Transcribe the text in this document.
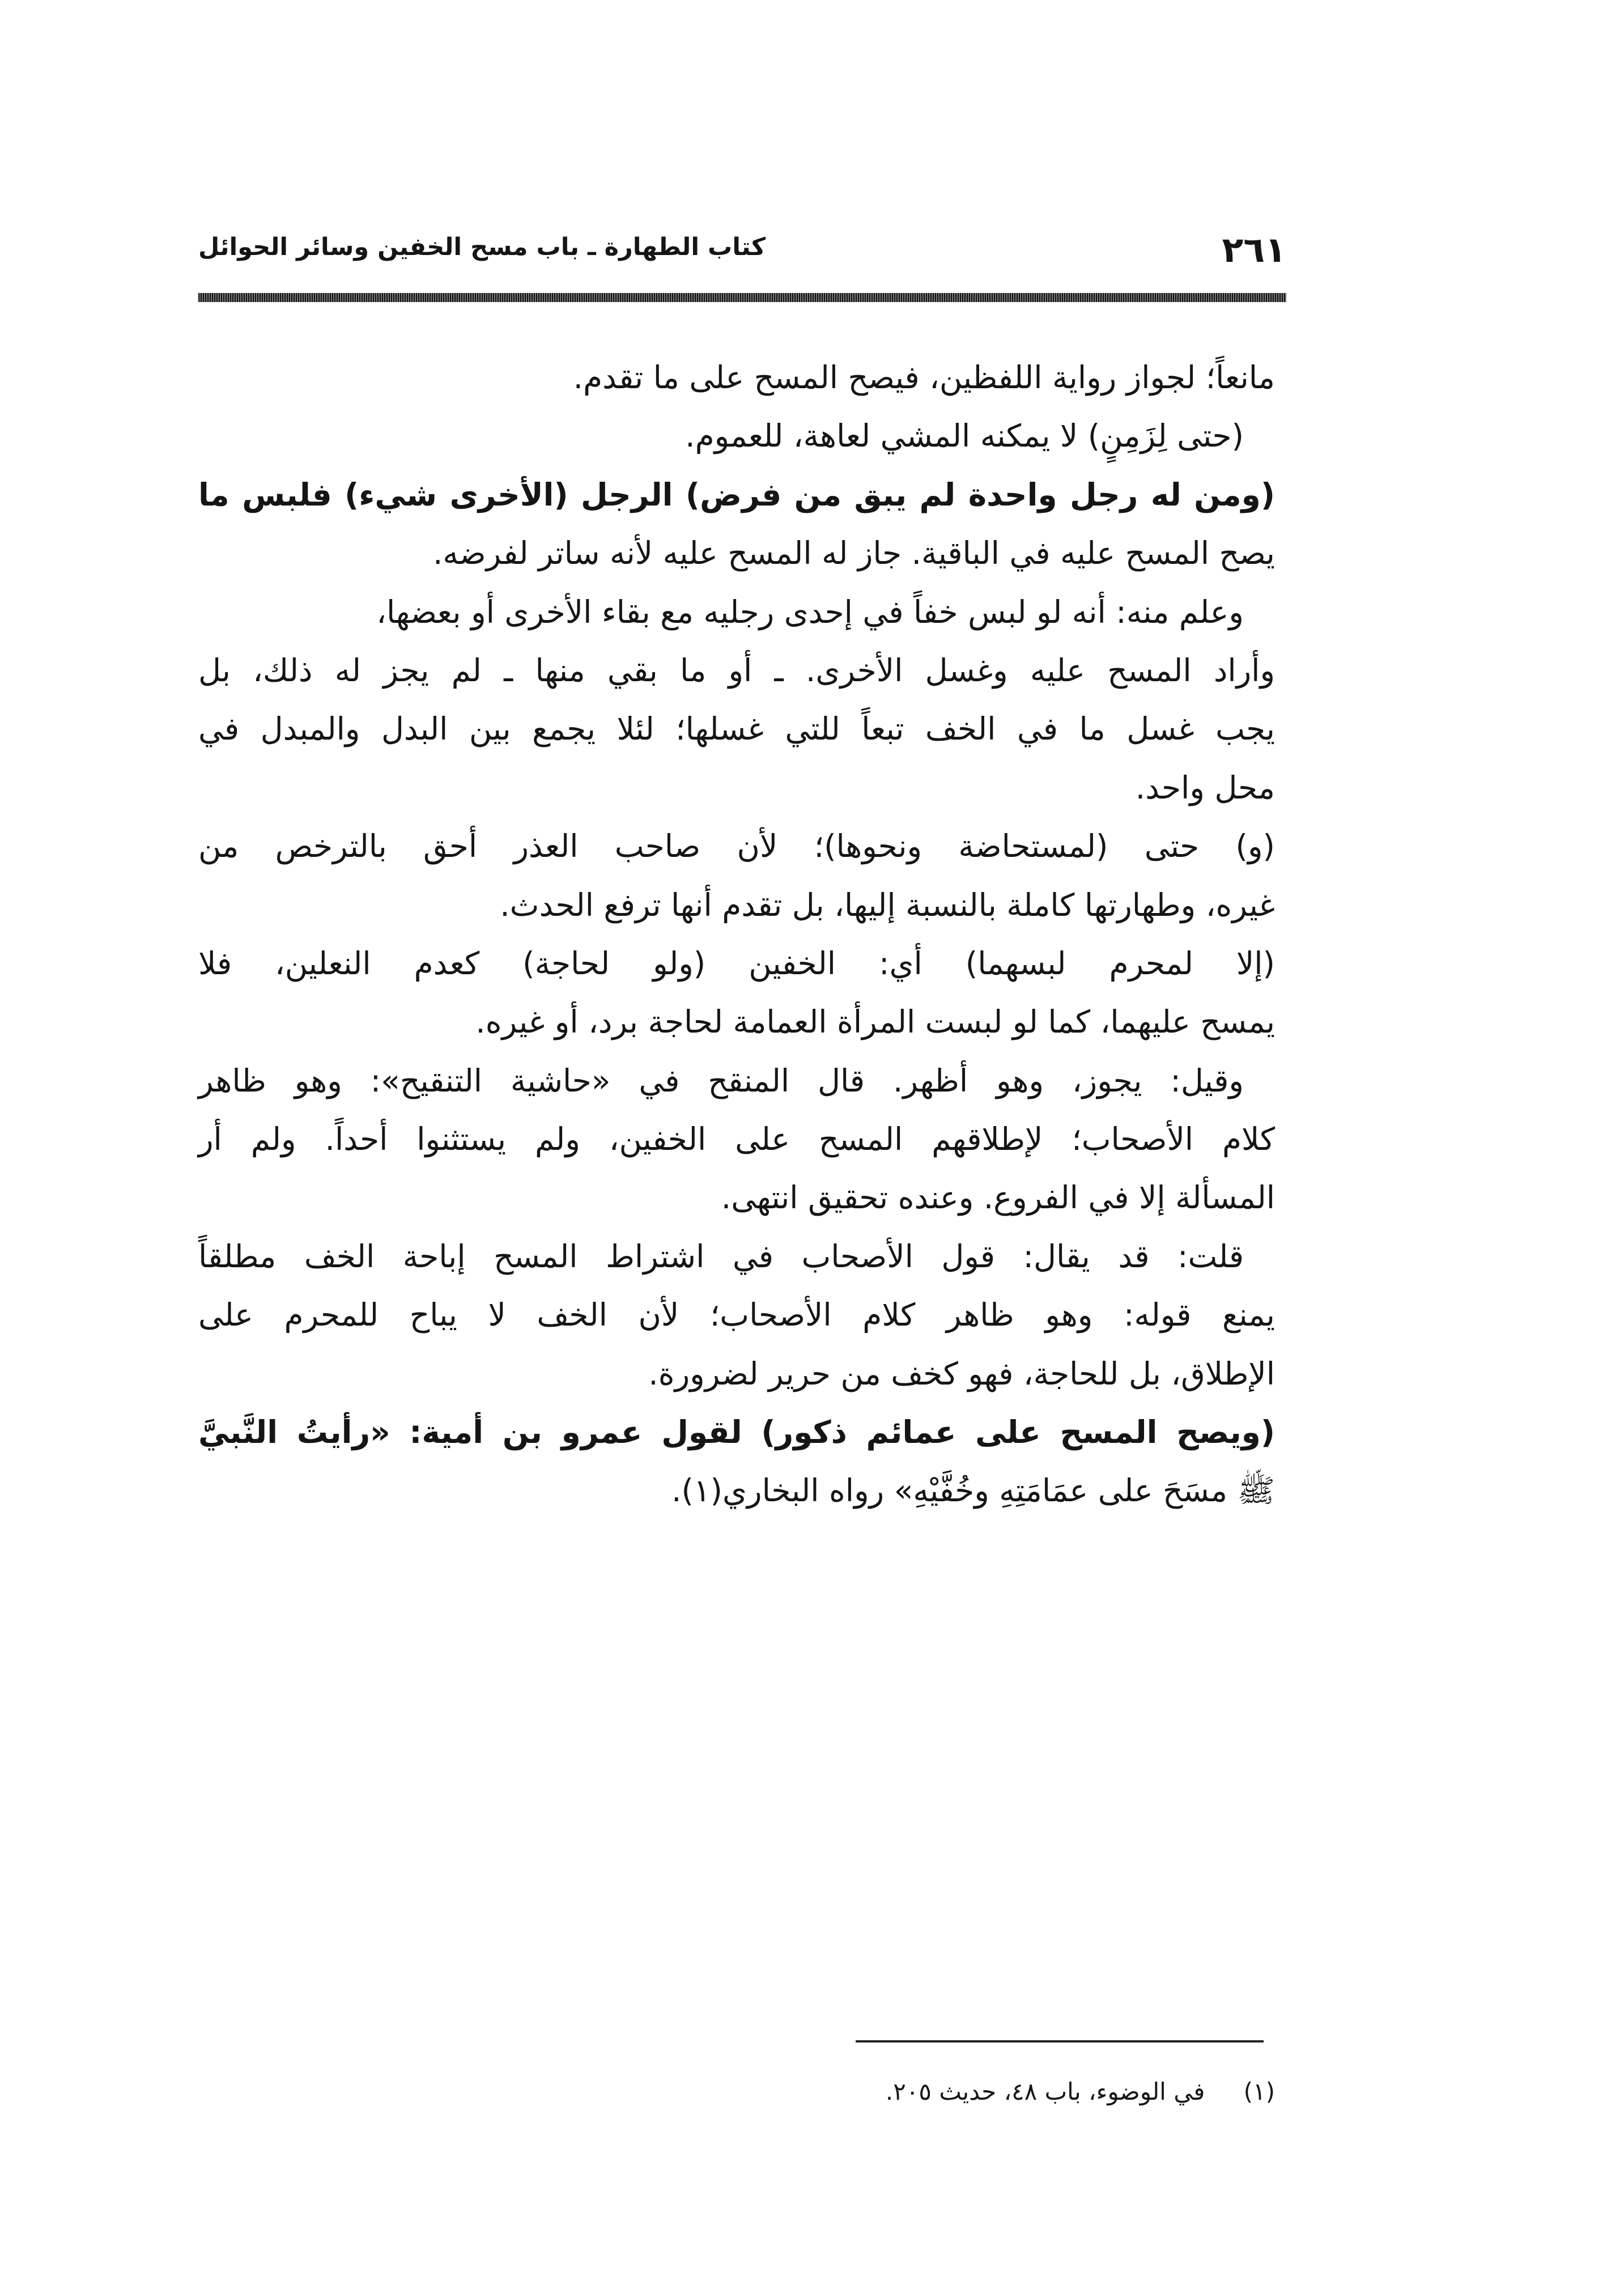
٢٦١
كتاب الطهارة ـ باب مسح الخفين وسائر الحوائل
مانعاً؛ لجواز رواية اللفظين، فيصح المسح على ما تقدم.
(حتى لِزَمِنٍ) لا يمكنه المشي لعاهة، للعموم.
(ومن له رجل واحدة لم يبق من فرض) الرجل (الأخرى شيء) فلبس ما
يصح المسح عليه في الباقية. جاز له المسح عليه لأنه ساتر لفرضه.
وعلم منه: أنه لو لبس خفاً في إحدى رجليه مع بقاء الأخرى أو بعضها،
وأراد المسح عليه وغسل الأخرى. ـ أو ما بقي منها ـ لم يجز له ذلك، بل
يجب غسل ما في الخف تبعاً للتي غسلها؛ لئلا يجمع بين البدل والمبدل في
محل واحد.
(و) حتى (لمستحاضة ونحوها)؛ لأن صاحب العذر أحق بالترخص من
غيره، وطهارتها كاملة بالنسبة إليها، بل تقدم أنها ترفع الحدث.
(إلا لمحرم لبسهما) أي: الخفين (ولو لحاجة) كعدم النعلين، فلا
يمسح عليهما، كما لو لبست المرأة العمامة لحاجة برد، أو غيره.
وقيل: يجوز، وهو أظهر. قال المنقح في «حاشية التنقيح»: وهو ظاهر
كلام الأصحاب؛ لإطلاقهم المسح على الخفين، ولم يستثنوا أحداً. ولم أر
المسألة إلا في الفروع. وعنده تحقيق انتهى.
قلت: قد يقال: قول الأصحاب في اشتراط المسح إباحة الخف مطلقاً
يمنع قوله: وهو ظاهر كلام الأصحاب؛ لأن الخف لا يباح للمحرم على
الإطلاق، بل للحاجة، فهو كخف من حرير لضرورة.
(ويصح المسح على عمائم ذكور) لقول عمرو بن أمية: «رأيتُ النَّبيَّ
ﷺ مسَحَ على عمَامَتِهِ وخُفَّيْهِ» رواه البخاري(١).
(١) في الوضوء، باب ٤٨، حديث ٢٠٥.
